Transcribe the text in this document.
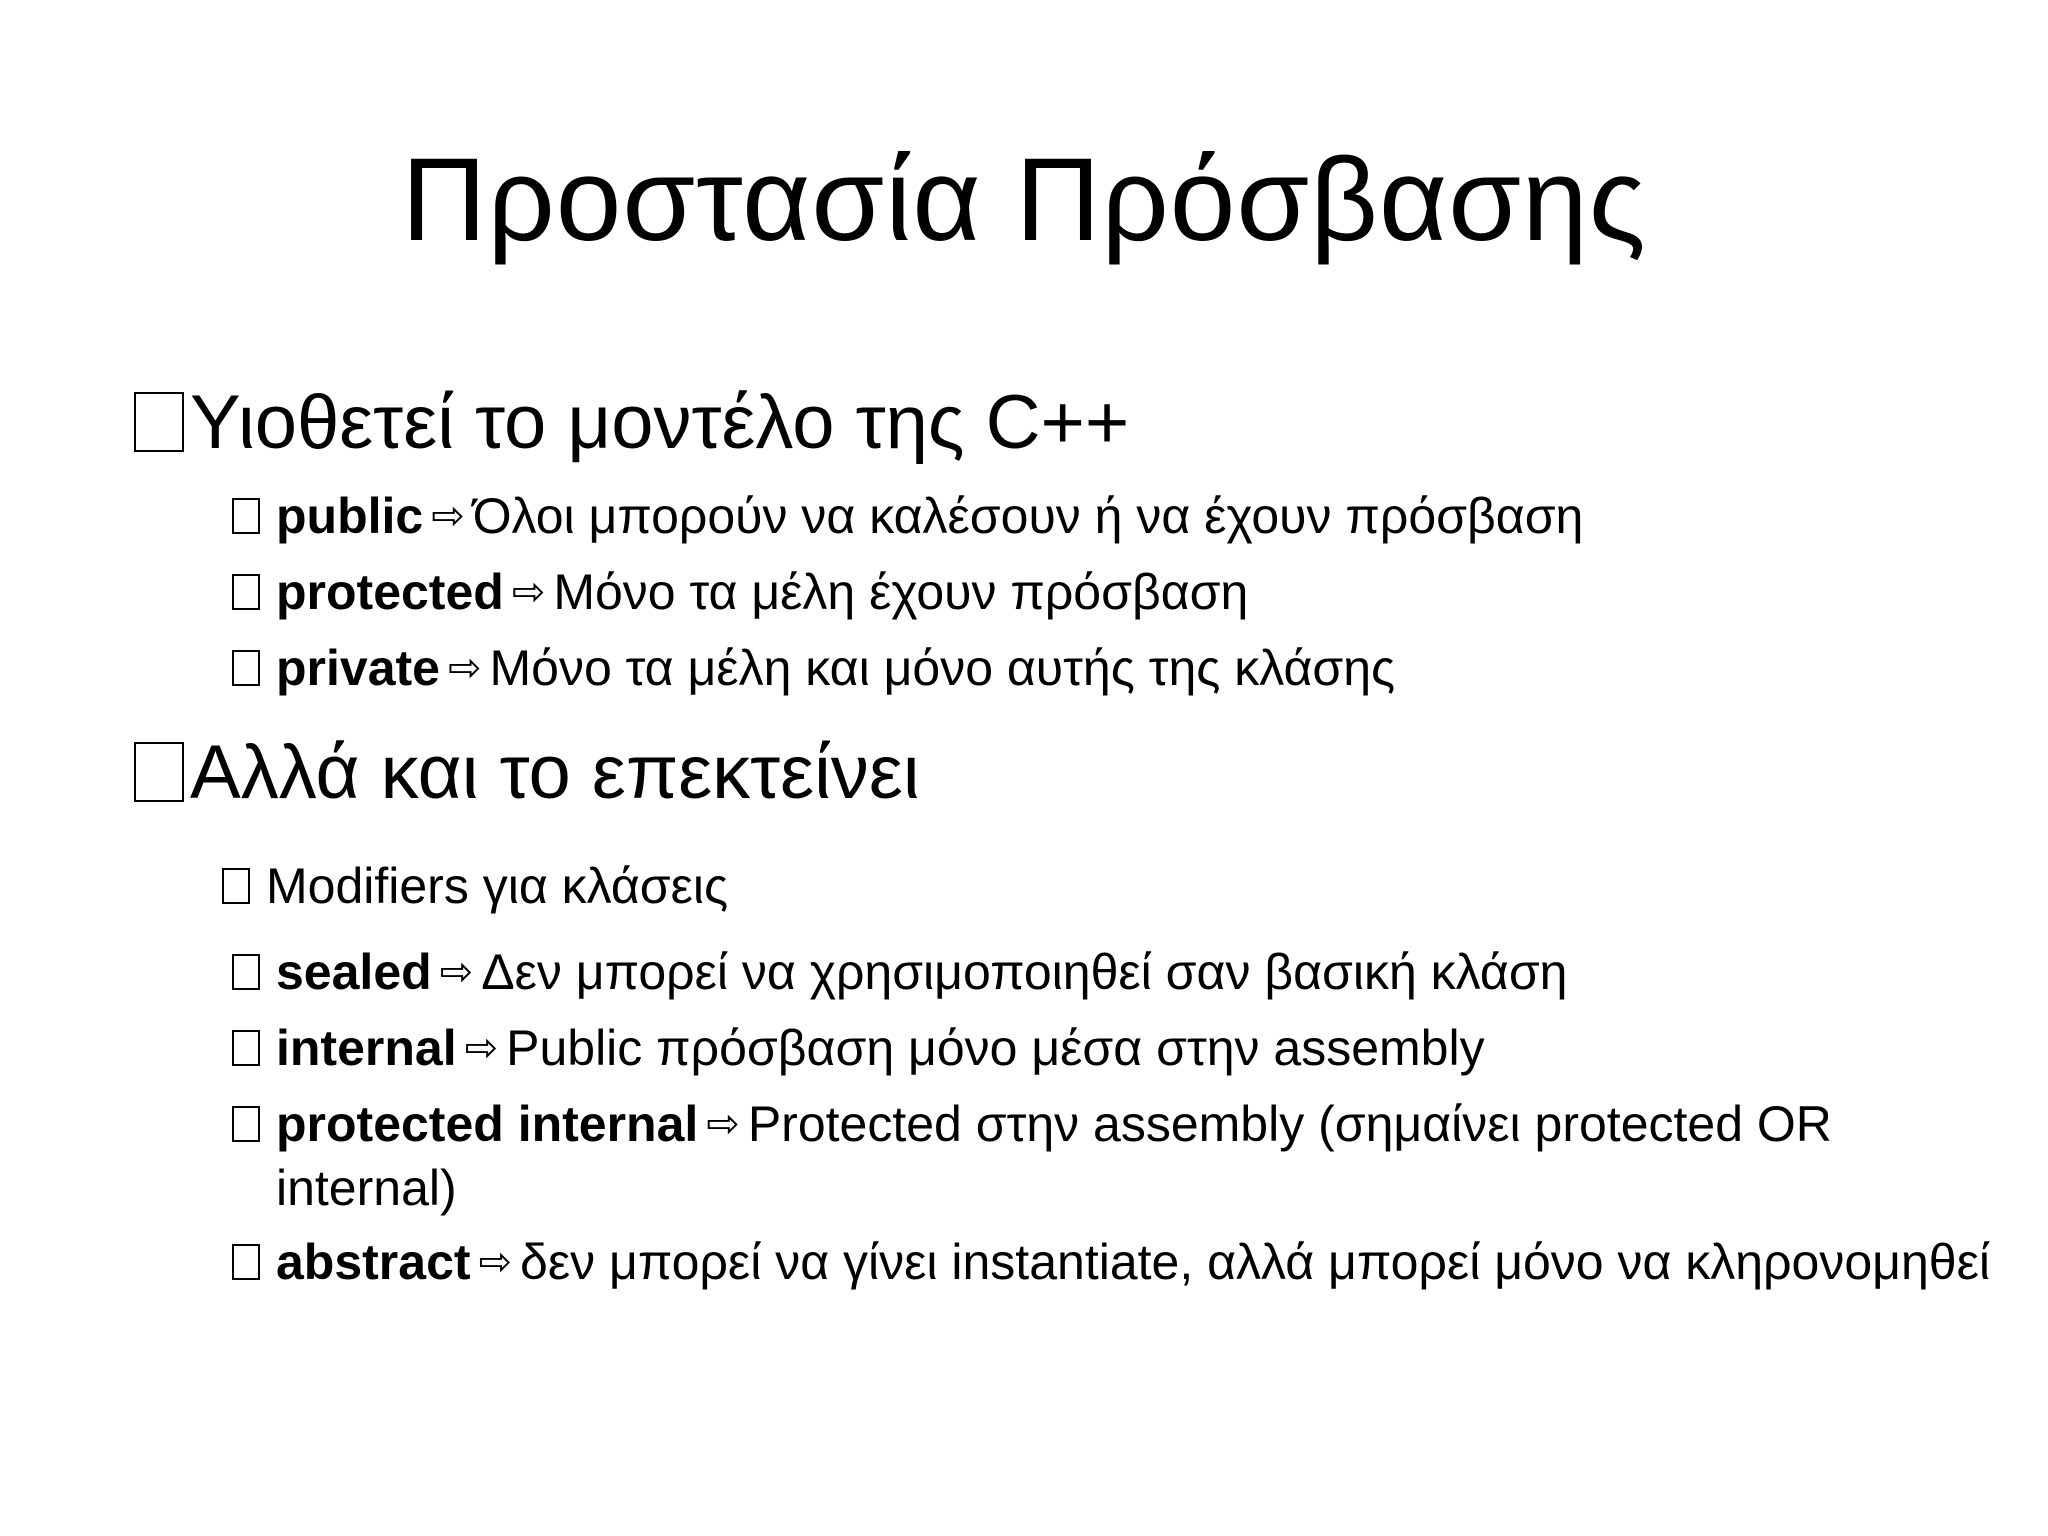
Προστασία Πρόσβασης
Υιοθετεί το μοντέλο της C++
public ⇨ Όλοι μπορούν να καλέσουν ή να έχουν πρόσβαση
protected ⇨ Μόνο τα μέλη έχουν πρόσβαση
private ⇨ Μόνο τα μέλη και μόνο αυτής της κλάσης
Αλλά και το επεκτείνει
Modifiers για κλάσεις
sealed ⇨ Δεν μπορεί να χρησιμοποιηθεί σαν βασική κλάση
internal ⇨ Public πρόσβαση μόνο μέσα στην assembly
protected internal ⇨ Protected στην assembly (σημαίνει protected OR internal)
abstract ⇨ δεν μπορεί να γίνει instantiate, αλλά μπορεί μόνο να κληρονομηθεί
